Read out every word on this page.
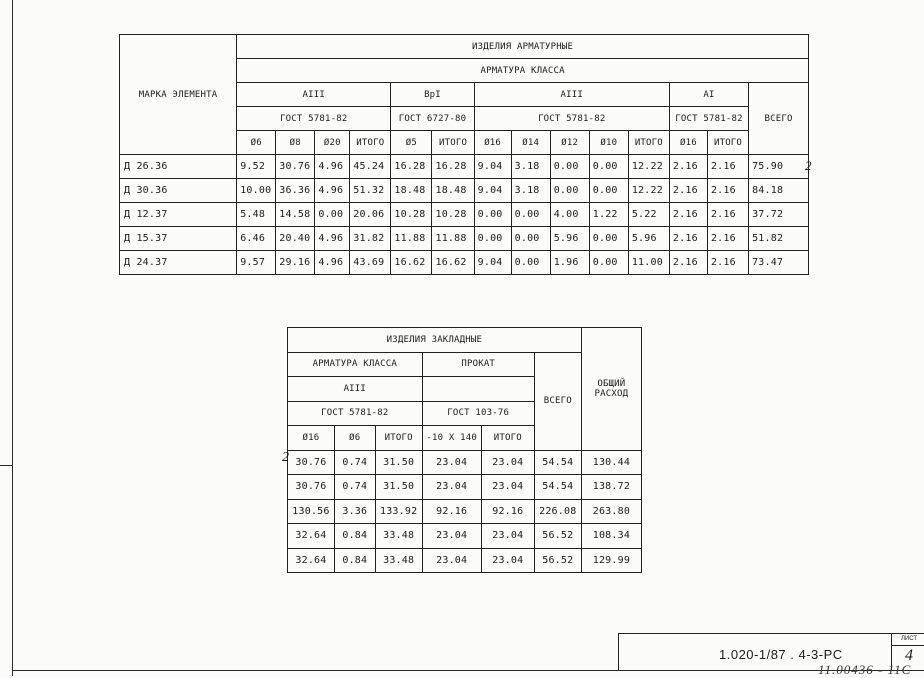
МАРКА ЭЛЕМЕНТА	ИЗДЕЛИЯ АРМАТУРНЫЕ													
	АРМАТУРА КЛАССА													
	AIII				ВрI		AIII					AI		ВСЕГО
	ГОСТ 5781-82				ГОСТ 6727-80		ГОСТ 5781-82					ГОСТ 5781-82		
	Ø6	Ø8	Ø20	ИТОГО	Ø5	ИТОГО	Ø16	Ø14	Ø12	Ø10	ИТОГО	Ø16	ИТОГО	
Д 26.36	9.52	30.76	4.96	45.24	16.28	16.28	9.04	3.18	0.00	0.00	12.22	2.16	2.16	75.90
Д 30.36	10.00	36.36	4.96	51.32	18.48	18.48	9.04	3.18	0.00	0.00	12.22	2.16	2.16	84.18
Д 12.37	5.48	14.58	0.00	20.06	10.28	10.28	0.00	0.00	4.00	1.22	5.22	2.16	2.16	37.72
Д 15.37	6.46	20.40	4.96	31.82	11.88	11.88	0.00	0.00	5.96	0.00	5.96	2.16	2.16	51.82
Д 24.37	9.57	29.16	4.96	43.69	16.62	16.62	9.04	0.00	1.96	0.00	11.00	2.16	2.16	73.47
ИЗДЕЛИЯ ЗАКЛАДНЫЕ						ОБЩИЙ
РАСХОД
АРМАТУРА КЛАССА			ПРОКАТ		ВСЕГО	
AIII						
ГОСТ 5781-82			ГОСТ 103-76			
Ø16	Ø6	ИТОГО	-10 X 140	ИТОГО		
30.76	0.74	31.50	23.04	23.04	54.54	130.44
30.76	0.74	31.50	23.04	23.04	54.54	138.72
130.56	3.36	133.92	92.16	92.16	226.08	263.80
32.64	0.84	33.48	23.04	23.04	56.52	108.34
32.64	0.84	33.48	23.04	23.04	56.52	129.99
2
2
1.020-1/87 . 4-3-PC
ЛИСТ
4
11.00436 - 11С
